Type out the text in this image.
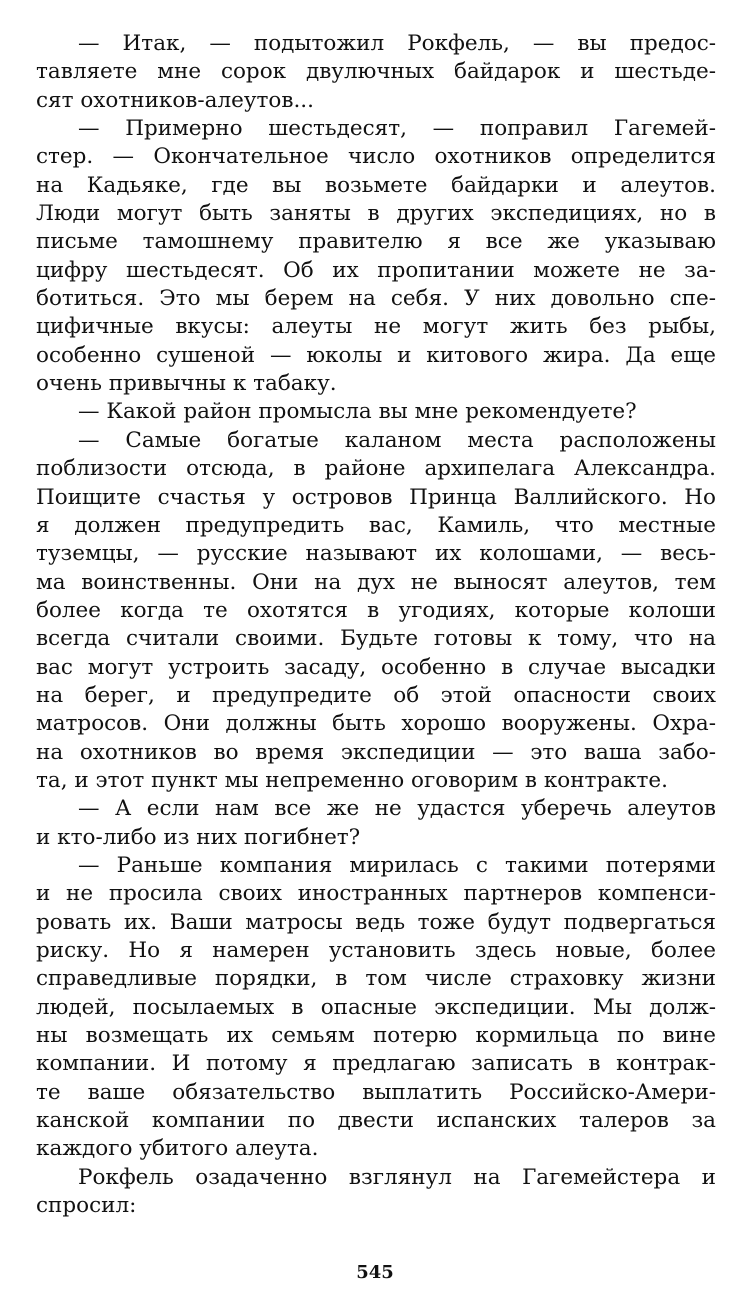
— Итак, — подытожил Рокфель, — вы предос-
тавляете мне сорок двулючных байдарок и шестьде-
сят охотников-алеутов...
— Примерно шестьдесят, — поправил Гагемей-
стер. — Окончательное число охотников определится
на Кадьяке, где вы возьмете байдарки и алеутов.
Люди могут быть заняты в других экспедициях, но в
письме тамошнему правителю я все же указываю
цифру шестьдесят. Об их пропитании можете не за-
ботиться. Это мы берем на себя. У них довольно спе-
цифичные вкусы: алеуты не могут жить без рыбы,
особенно сушеной — юколы и китового жира. Да еще
очень привычны к табаку.
— Какой район промысла вы мне рекомендуете?
— Самые богатые каланом места расположены
поблизости отсюда, в районе архипелага Александра.
Поищите счастья у островов Принца Валлийского. Но
я должен предупредить вас, Камиль, что местные
туземцы, — русские называют их колошами, — весь-
ма воинственны. Они на дух не выносят алеутов, тем
более когда те охотятся в угодиях, которые колоши
всегда считали своими. Будьте готовы к тому, что на
вас могут устроить засаду, особенно в случае высадки
на берег, и предупредите об этой опасности своих
матросов. Они должны быть хорошо вооружены. Охра-
на охотников во время экспедиции — это ваша забо-
та, и этот пункт мы непременно оговорим в контракте.
— А если нам все же не удастся уберечь алеутов
и кто-либо из них погибнет?
— Раньше компания мирилась с такими потерями
и не просила своих иностранных партнеров компенси-
ровать их. Ваши матросы ведь тоже будут подвергаться
риску. Но я намерен установить здесь новые, более
справедливые порядки, в том числе страховку жизни
людей, посылаемых в опасные экспедиции. Мы долж-
ны возмещать их семьям потерю кормильца по вине
компании. И потому я предлагаю записать в контрак-
те ваше обязательство выплатить Российско-Амери-
канской компании по двести испанских талеров за
каждого убитого алеута.
Рокфель озадаченно взглянул на Гагемейстера и
спросил:
545
